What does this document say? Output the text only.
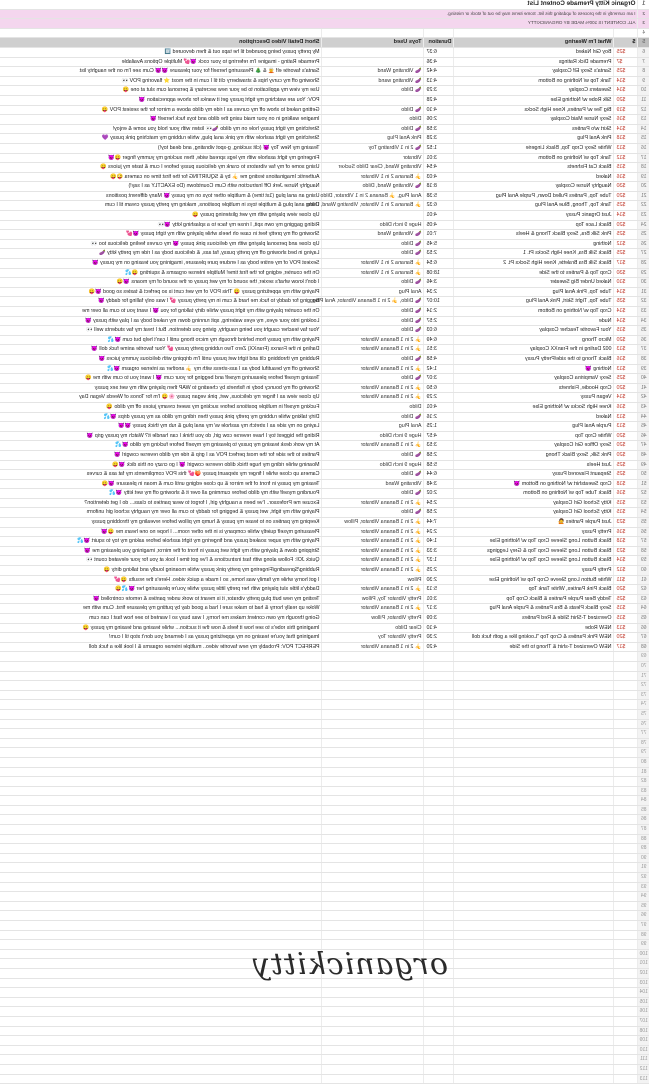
1	Organic Kitty Premade Content List				
2	I am currently in the process of updating this list. Some items may be out of stock or missing.				
3	ALL CONTENT IS 100% MADE BY ORGANICKITTY				
4					
5	$	What I'm Wearing	Duration	Toys Used	Short Detail Video Description
6	$25	Boy Girl Naked	6:37		My pretty pussy being pounded til he taps out & then devoured 🔟
7	$7	Premade Dick Ratings	4:36		Premade Rating - imagine I'm referring to your cock 😈💕 Multiple Options Available
8	$25	Santa's Sexy Elf Cosplay	4:42	🍆 Vibrating Wand	Santa's favorite elf 🧝 & 🎄 Pleasuring herself for your pleasure 😈😈 Cum see I'm on the naughty list
9	$14	Tank Top w/ Nothing on Bottom	4:13	🍆 Vibrating wand	Showing off my curvy hips & strawberry clit til I cum in the most ⭐ flavoring POV 👀
10	$14	Sweaters Cosplay	3:29	🍆 Dildo	Use my view my application to be your new secretary & personal cum slut at one 😛
11	$20	Silk Robe w/ Nothing Else	4:28		POV: You are watching my tight pussy get it wanks for shove appreciation 😈
12	$19	Big Tee w/ Panties, Knee High Socks	4:10	🍆 Dildo	Getting naked to show off my curves as I ride my dildo above a mirror for the sexiest POV 😛
13	$16	Sexy Nurse Maid Cosplay	2:06	Dildo	Imagine walking in on your maid using the dildo and toys fuck herself 😈
14	$14	Skirt w/o Panties	3:58	🍆 Dildo	Stretching my tight pussy hole on my dildo 🍆👀 listen with your hold you some & enjoy!
15	$18	Pink Anal Plug	3:28	Pink Anal Plug	Stretching my tight asshole with my pink anal plug, while rubbing my matching pink pussy 💜
16	$13	White Sexy Crop Top, Black Lingerie	1:52	🍆 2 in 1 Vibrating Toy	Teasing my New Toy 😈 (clit sucking, g-spot vibrating, and dead toy!)
17	$12	Tank Top w/ Nothing on Bottom	3:01	Vibrator	Fingering my tight asshole with my legs spread wide, then sucking my yummy finger 😛😈
18	$15	Black Cat Fishnets	4:54	Vibrating Wand, Clear Dildo Sucker	Using some of my fav vibrators to crank my delicious pussy before I cum & taste my juices 😛
19	$16	Naked	4:03	🍌 Banana 2 in 1 Vibrator	Authentic Imaginations testing me 🍌 by & SQUIRTING for the first time on camera 😜😛
20	$30	Naughty Nurse Cosplay	8:18	🍆 Vibrating Wand, Dildo	Naughty Nurse Jerk Off Instruction with Cum Countdown (Do EXACTLY as I say!)
21	$20	Tube Top, Panties Pulled Down, Purple Anal Plug	5:38	Anal Plug, 🍌 Banana 2 in 1 Vibrator, Dildo	Using an anal plug (1st time) & multiple other toys on my pussy 😈 Many different positions
22	$25	Tank Top, Thong, Blue Anal Plug	6:32	🍌 Banana 2 in 1 Vibrator, Vibrating Wand, Dildo	Using anal plug & multiple toys in multiple positions, making my pretty pussy cream til I cum
23	$14	Just Organic Pussy	4:01		Up close view playing with my wet glistening pussy 😛
24	$20	Black Lace Top	4:05	Huge 9 inch Dildo	Riding gagging my own spit, I rinse my face to a splashing kitty 😈👀
25	$25	Pink Silk Bra, Sexy Black Thong & Heels	7:01	🍆 Vibrating Wand	Showing off my pretty feet in case oh heels while playing with my tight pussy 😈💕
26	$12	Nothing	5:45	🍆 Dildo	Up close and personal playing with my delicious pink pussy 😈 my curves feeling delicious too 👀
27	$25	Black Silk Bra, Knee High Socks Pt. 1	2:53	🍆 Dildo	Laying in bed showing off my pretty pussy, fat ass, & delicious body as I ride my pretty kitty 🍆
28	$17	Black Silk Bra Bralette, Knee High Socks Pt. 2	6:54	🍌 Banana 2 in 1 Vibrator	Sexiest POV of my entire body as I endure pure pleasure, imagining you teasing on my pussy 😈
29	$30	Crop Top & Panties to the Side	18:08	🍌 Banana 2 in 1 Vibrator	On the counter, edging for the first time! Multiple intense orgasms & squirting 😛💦
30	$10	Naked Under Big Sweater	3:46	🍆 Dildo	I don't know what's sexier, the sound of my wet pussy or the sound of my moans 😈😛
31	$14	Tube Top, Pink Anal Plug	2:34	Anal Plug	Playing with my appetizing pussy 😛 This POV of my wet cunt is so perfect & tastes so good 😈😛
32	$35	Tube Top, Tight Skirt, Pink Anal Plug	10:07	🍆 Dildo, 🍌 2 in 1 Banana Vibrator, Anal Plug	Begging for daddy to fuck me hard & cum in my pretty pussy 💕 I was only falling for daddy 😈
33	$14	Crop Top w/ Nothing on Bottom	2:14	🍆 Dildo	On the counter playing with my tight pussy while dirty talking for you 😈 I want you to cum all over me
34	$14	Nude	2:57	🍆 Dildo	Looking into your eyes, my eyes watering, spit running down my naked body as I play with pussy 😈
35	$15	Your Favorite Teacher Cosplay	6:03	🍆 Dildo	Your fav teacher caught you being naughty, giving you detention. But I treat my fav students well 👀
36	$20	Micro Thong	6:49	🍌 2 in 1 Banana Vibrator	Playing with my pussy from behind through my micro thong until I can't help but cum 😈💦
37	$13	002 Darling in the FranXX Cosplay	3:51	🍌 2 in 1 Banana Vibrator	Darling in the Franxx (FranXX) Zero Two rubbing pretty pussy 💕 Your favorite anime fuck doll 😈
38	$16	Black Thong to the side/Pretty Pussy	4:58	🍆 Dildo	Rubbing my throbbing clit and tight wet pussy until I'm dripping with delicious yummy juices 😈
39	$13	Nothing 😈	1:42	🍌 2 in 1 Banana Vibrator	Showing off my beautiful body as I ass-stress with my 🍌 another as intense orgasm 😈💦
40	$25	Sexy Vampirina Cosplay	3:07	🍆 Dildo	Teasing myself before pleasuring myself and begging for your cum 😈 I want you to cum with me 😛
41	$20	Crop Hoodie, Fishnets	6:50	🍌 2 in 1 Banana Vibrator	Showing off my bouncy body in fishnets by cheating to WAP then playing with my wet sex pussy
42	$14	Vegan Pussy	2:29	🍌 2 in 1 Banana Vibrator	Up close view as I finger my delicious, wet, pink vegan pussy 🌸😛 I'm for Tonos of Weeds Vegan Day
43	$16	Knee High Socks w/ Nothing Else	4:01	Dildo	Fucking myself in multiple positions before sucking my sweet creamy juices off my dildo 😛
44	$13	Naked	2:16	🍆 Dildo	Dirty talking while rubbing my pretty pink pussy then riding my dildo as my pussy drips 😈💦
45	$13	Purple Anal Plug	1:25	Anal Plug	Laying on my side as I stretch my asshole w/ my anal plug & rub my thick pussy 😈😈
46	$20	White Crop Top	4:57	Huge 9 inch Dildo	Riding the biggest toy I have reverse cow girl, do you think I can handle it? Watch my pussy grip 😈
47	$20	Sexy Office Girl Cosplay	3:53	🍌 2 in 1 Banana Vibrator	At my work desk teasing my pussy to pleasing my myself before fucking my dildo 😈💦
48	$20	Pink Silk, Sexy Black Thong	2:58	🍆 Dildo	Panties to the side for the most perfect POV as I grip & ride my dildo reverse cowgirl 😈
49	$25	Just Heels	5:58	Huge 9 inch Dildo	Moaning while riding my huge thick dildo reverse cowgirl 😈 I go crazy on this dick 😈😛
50	$25	Stepaunt Flavored Pussy	6:44	🍆 Dildo	Camera up close while I finger my stepaunt pussy 🍑💕 this POV compliments my fat ass & curves
51	$18	Crop Sweatshirt w/ Nothing on Bottom 😈	3:48	Vibrating Wand	Teasing my pussy in front of the mirror & up close edging until cum & moan in pleasure 😈😛
52	$16	Black Tube Top w/ Nothing on Bottom	2:02	🍆 Dildo	Pounding myself with my dildo before cumming all over it & showing off my wet kitty 😈💦
53	$15	Kitty School Girl Cosplay	2:54	🍌 2 in 1 Banana Vibrator	Excuse me Professor.. I've been a naughty girl, I forgot to wear panties to class... do I get detention?
54	$15	Kitty School Girl Cosplay	2:58	🍆 Dildo	Playing with my tight, wet pussy & begging for daddy to cum all over my naughty school girl uniform
55	$23	Just Purple Panties 💁	7:44	🍌 2 in 1 Banana Vibrator, Pillow	Keeping my panties on to tease my pussy & hump my pillow before revealing my throbbing pussy
56	$16	Pretty Pussy	2:24	🍌 2 in 1 Banana Vibrator	Pleasuring myself quietly while company is in the other room... I hope no one hears me 😛😈
57	$18	Black Button Long Sleeve Crop Top w/ Nothing Else	1:40	🍌 2 in 1 Banana Vibrator	Playing with my super soaked pussy and fingering my tight asshole before asking my toy to squirt 😈💦
58	$23	Black Button Long Sleeve Crop Top & Grey Leggings	3:33	🍌 2 in 1 Banana Vibrator	Stripping down & playing with my tight wet pussy in front of the mirror, imagining you pleasing me 😈
59	$14	Black Button Long Sleeve Crop Top w/ Nothing Else	1:37	🍌 2 in 1 Banana Vibrator	Quick JOI: Follow along with fast instructions & I've got time I look at you for your elevated count 👀
60	$12	Pretty Pussy	2:25	🍌 2 in 1 Banana Vibrator	Rubbing/Spreading/Fingering my pretty pink pussy while moaning loudly and talking dirty 😛
61	$11	White Button Long Sleeve Crop Top w/ Nothing Else	2:30	Pillow	I got horny while my family was home, so I made a quick video. Here's the results 😛💕
62	$20	Black Pink Panties, White Tank Top	5:13	🍌 2 in 1 Banana Vibrator	Daddy's little slut playing with her pretty little pussy while you're pleasuring her 😈💦😛
63	$25	Teddy Bear Purple Panties & Black Crop Top	3:01	Pretty Vibrator Toy, Pillow	Testing my new butt plug pretty vibrator, it is meant to work under panties & remote controlled 😈
64	$15	Sexy Black Pleats & Bra Panties & Purple Anal Plug	3:17	🍌 2 in 1 Banana Vibrator	Woke up really horny & had to make sure I had a good day by putting my pleasure first. Cum with me
65	$15	Oversized T-Shirt Slide & Red Panties	3:09	Pretty Vibrator, Pillow	Going through my own content makes me horny, I was busy so I wanted to see how fast I can cum
66	$13	NEW Robe	4:10	Clear Dildo	Imagining this robe's to see how it feels & now the it suction... while teasing and teasing my pussy 😛
67	$20	NEW Pink Panties & Crop Top "Looking like a goth fuck doll	2:30	Pretty Vibrator Toy	Imagining that you're teasing on my appetizing pussy as I demand you don't stop til I cum!
68	$17	NEW Oversized T-shirt & Thong to the Side	4:20	🍌 2 in 1 Banana Vibrator	PERFECT POV: Probably my new favorite video.. multiple intense orgasms & I look like a fuck doll
69					
70					
71					
72					
73					
74					
75					
76					
77					
78					
79					
80					
81					
82					
83					
84					
85					
86					
87					
88					
89					
90					
91					
92					
93					
94					
95					
96					
97					
98					
99					
100					
101					
102					
103					
104					
105					
106					
107					
108					
109					
110					
111					
112					
113					
organickitty
